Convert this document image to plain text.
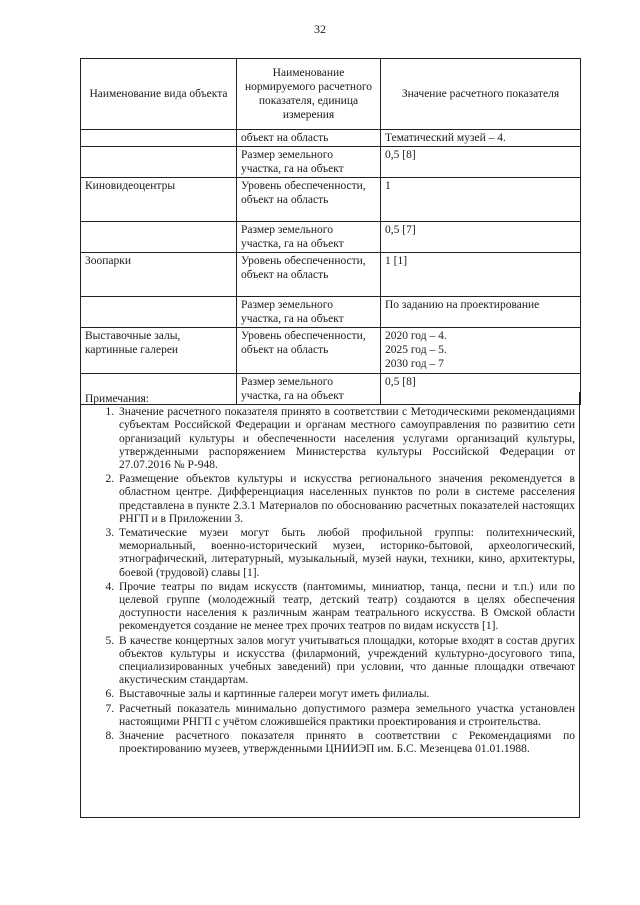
32
Наименование вида объекта	Наименование нормируемого расчетного показателя, единица измерения	Значение расчетного показателя
	объект на область	Тематический музей – 4.
	Размер земельного участка, га на объект	0,5 [8]
Киновидеоцентры	Уровень обеспеченности, объект на область	1
	Размер земельного участка, га на объект	0,5 [7]
Зоопарки	Уровень обеспеченности, объект на область	1 [1]
	Размер земельного участка, га на объект	По заданию на проектирование
Выставочные залы, картинные галереи	Уровень обеспеченности, объект на область	2020 год – 4.
2025 год – 5.
2030 год – 7
	Размер земельного участка, га на объект	0,5 [8]
Примечания:
1. Значение расчетного показателя принято в соответствии с Методическими рекомендациями субъектам Российской Федерации и органам местного самоуправления по развитию сети организаций культуры и обеспеченности населения услугами организаций культуры, утвержденными распоряжением Министерства культуры Российской Федерации от 27.07.2016 № Р-948.
2. Размещение объектов культуры и искусства регионального значения рекомендуется в областном центре. Дифференциация населенных пунктов по роли в системе расселения представлена в пункте 2.3.1 Материалов по обоснованию расчетных показателей настоящих РНГП и в Приложении 3.
3. Тематические музеи могут быть любой профильной группы: политехнический, мемориальный, военно-исторический музеи, историко-бытовой, археологический, этнографический, литературный, музыкальный, музей науки, техники, кино, архитектуры, боевой (трудовой) славы [1].
4. Прочие театры по видам искусств (пантомимы, миниатюр, танца, песни и т.п.) или по целевой группе (молодежный театр, детский театр) создаются в целях обеспечения доступности населения к различным жанрам театрального искусства. В Омской области рекомендуется создание не менее трех прочих театров по видам искусств [1].
5. В качестве концертных залов могут учитываться площадки, которые входят в состав других объектов культуры и искусства (филармоний, учреждений культурно-досугового типа, специализированных учебных заведений) при условии, что данные площадки отвечают акустическим стандартам.
6. Выставочные залы и картинные галереи могут иметь филиалы.
7. Расчетный показатель минимально допустимого размера земельного участка установлен настоящими РНГП с учётом сложившейся практики проектирования и строительства.
8. Значение расчетного показателя принято в соответствии с Рекомендациями по проектированию музеев, утвержденными ЦНИИЭП им. Б.С. Мезенцева 01.01.1988.
